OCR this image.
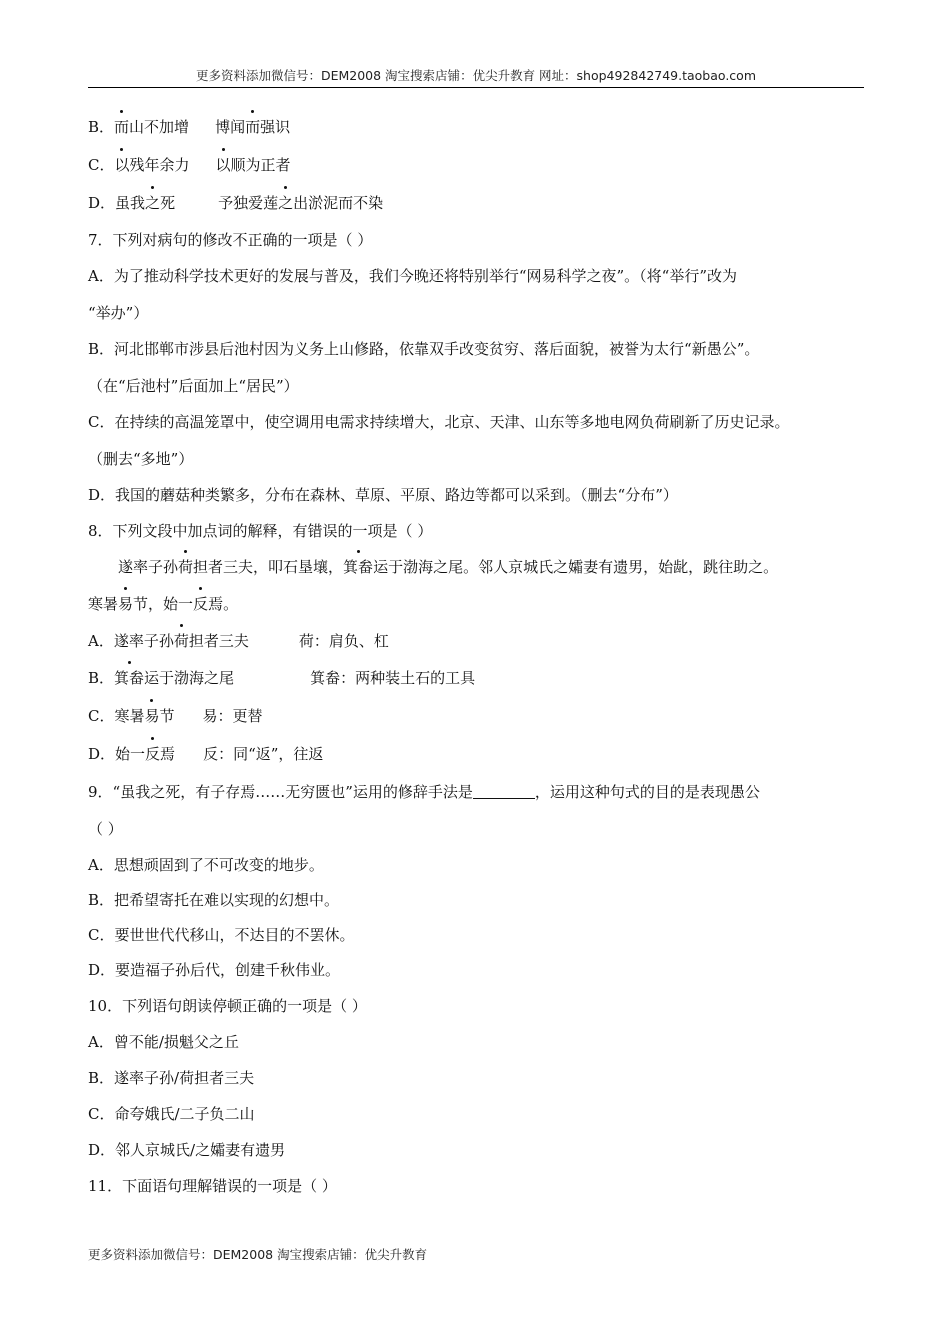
更多资料添加微信号：DEM2008 淘宝搜索店铺：优尖升教育 网址：shop492842749.taobao.com
B．而山不加增 博闻而强识
C．以残年余力 以顺为正者
D．虽我之死	予独爱莲之出淤泥而不染
7．下列对病句的修改不正确的一项是（ ）
A．为了推动科学技术更好的发展与普及，我们今晚还将特别举行“网易科学之夜”。（将“举行”改为
“举办”）
B．河北邯郸市涉县后池村因为义务上山修路，依靠双手改变贫穷、落后面貌，被誉为太行“新愚公”。
（在“后池村”后面加上“居民”）
C．在持续的高温笼罩中，使空调用电需求持续增大，北京、天津、山东等多地电网负荷刷新了历史记录。
（删去“多地”）
D．我国的蘑菇种类繁多，分布在森林、草原、平原、路边等都可以采到。（删去“分布”）
8．下列文段中加点词的解释，有错误的一项是（ ）
遂率子孙荷担者三夫，叩石垦壤，箕畚运于渤海之尾。邻人京城氏之孀妻有遗男，始龀，跳往助之。
寒暑易节，始一反焉。
A．遂率子孙荷担者三夫	荷：肩负、杠
B．箕畚运于渤海之尾	箕畚：两种装土石的工具
C．寒暑易节 易：更替
D．始一反焉 反：同“返”，往返
9．“虽我之死，有子存焉……无穷匮也”运用的修辞手法是	，运用这种句式的目的是表现愚公
（ ）
A．思想顽固到了不可改变的地步。
B．把希望寄托在难以实现的幻想中。
C．要世世代代移山，不达目的不罢休。
D．要造福子孙后代，创建千秋伟业。
10．下列语句朗读停顿正确的一项是（ ）
A．曾不能/损魁父之丘
B．遂率子孙/荷担者三夫
C．命夸娥氏/二子负二山
D．邻人京城氏/之孀妻有遗男
11．下面语句理解错误的一项是（ ）
更多资料添加微信号：DEM2008 淘宝搜索店铺：优尖升教育
